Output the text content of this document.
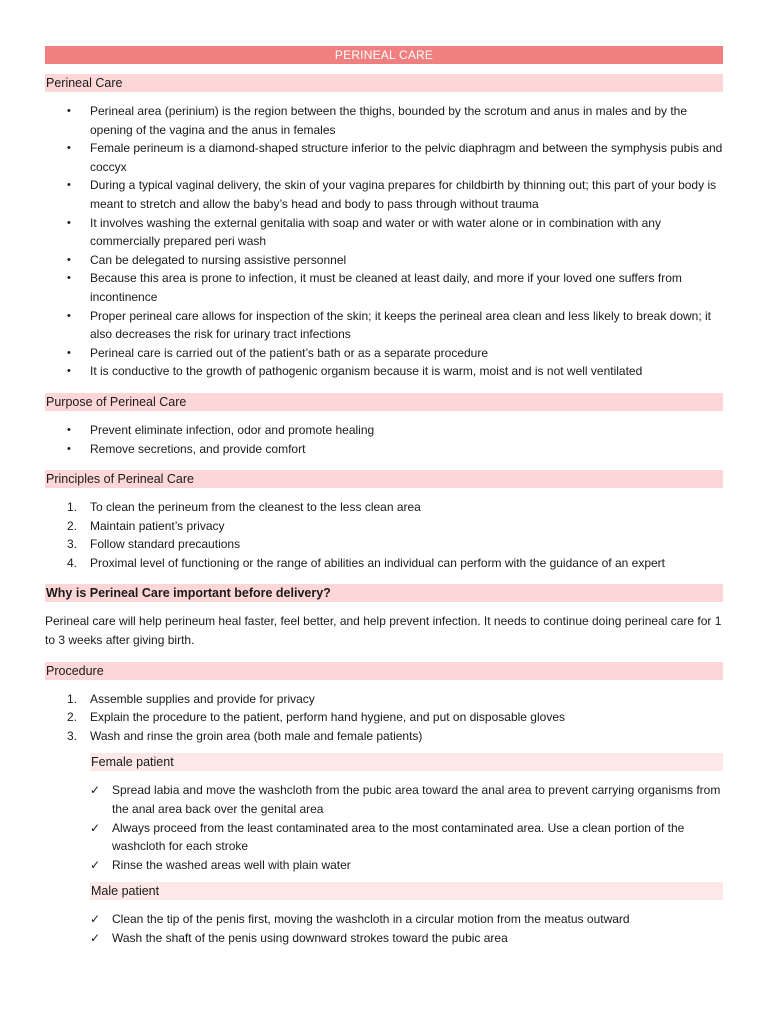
PERINEAL CARE
Perineal Care
• Perineal area (perinium) is the region between the thighs, bounded by the scrotum and anus in males and by the opening of the vagina and the anus in females
• Female perineum is a diamond-shaped structure inferior to the pelvic diaphragm and between the symphysis pubis and coccyx
• During a typical vaginal delivery, the skin of your vagina prepares for childbirth by thinning out; this part of your body is meant to stretch and allow the baby’s head and body to pass through without trauma
• It involves washing the external genitalia with soap and water or with water alone or in combination with any commercially prepared peri wash
• Can be delegated to nursing assistive personnel
• Because this area is prone to infection, it must be cleaned at least daily, and more if your loved one suffers from incontinence
• Proper perineal care allows for inspection of the skin; it keeps the perineal area clean and less likely to break down; it also decreases the risk for urinary tract infections
• Perineal care is carried out of the patient’s bath or as a separate procedure
• It is conductive to the growth of pathogenic organism because it is warm, moist and is not well ventilated
Purpose of Perineal Care
• Prevent eliminate infection, odor and promote healing
• Remove secretions, and provide comfort
Principles of Perineal Care
1. To clean the perineum from the cleanest to the less clean area
2. Maintain patient’s privacy
3. Follow standard precautions
4. Proximal level of functioning or the range of abilities an individual can perform with the guidance of an expert
Why is Perineal Care important before delivery?

Perineal care will help perineum heal faster, feel better, and help prevent infection. It needs to continue doing perineal care for 1 to 3 weeks after giving birth.

Procedure
1. Assemble supplies and provide for privacy
2. Explain the procedure to the patient, perform hand hygiene, and put on disposable gloves
3. Wash and rinse the groin area (both male and female patients)
Female patient
✓ Spread labia and move the washcloth from the pubic area toward the anal area to prevent carrying organisms from the anal area back over the genital area
✓ Always proceed from the least contaminated area to the most contaminated area. Use a clean portion of the washcloth for each stroke
✓ Rinse the washed areas well with plain water
Male patient
✓ Clean the tip of the penis first, moving the washcloth in a circular motion from the meatus outward
✓ Wash the shaft of the penis using downward strokes toward the pubic area
